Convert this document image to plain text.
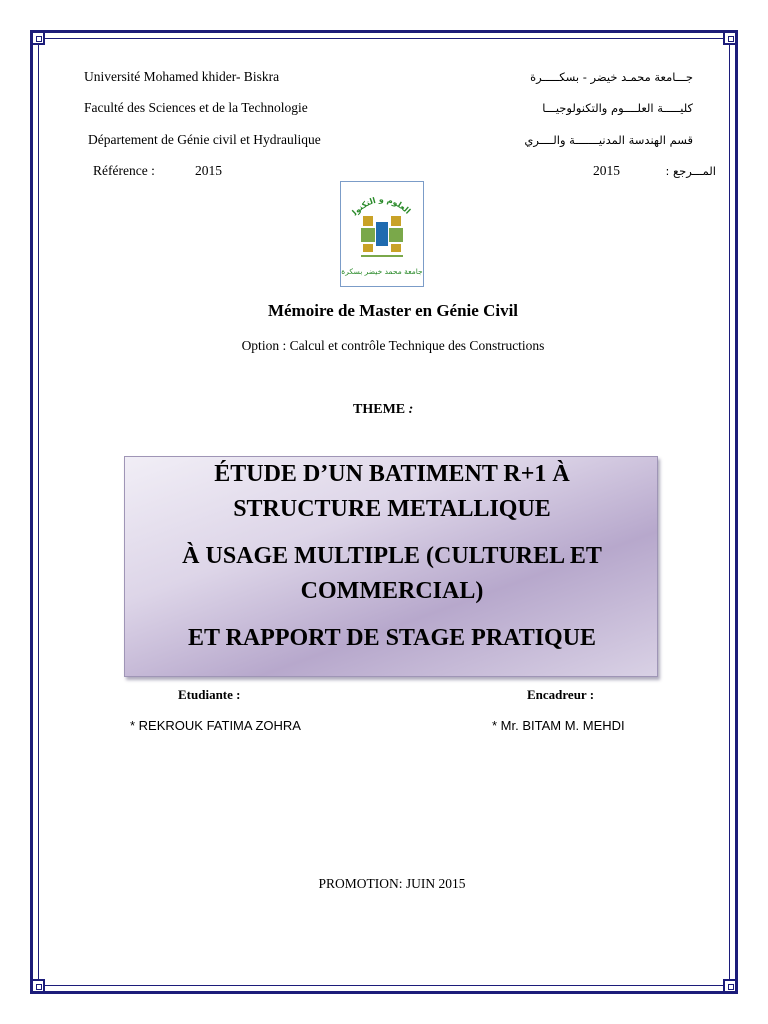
Université Mohamed khider- Biskra
Faculté des Sciences et de la Technologie
Département de Génie civil et Hydraulique
Référence :	2015
جـــامعة محمـد خيضر - بسكـــــرة
كليـــــة العلــــوم والتكنولوجيـــا
قسم الهندسة المدنيـــــــة والــــري
المـــرجع :
2015
العلوم و التكنول
جامعة محمد خيضر بسكرة
Mémoire de Master en Génie Civil
Option : Calcul et contrôle Technique des Constructions
THEME :
ÉTUDE D’UN BATIMENT R+1 À
STRUCTURE METALLIQUE
À USAGE MULTIPLE (CULTUREL ET
COMMERCIAL)
ET RAPPORT DE STAGE PRATIQUE
Etudiante :
* REKROUK FATIMA ZOHRA
Encadreur :
* Mr. BITAM M. MEHDI
PROMOTION: JUIN 2015
